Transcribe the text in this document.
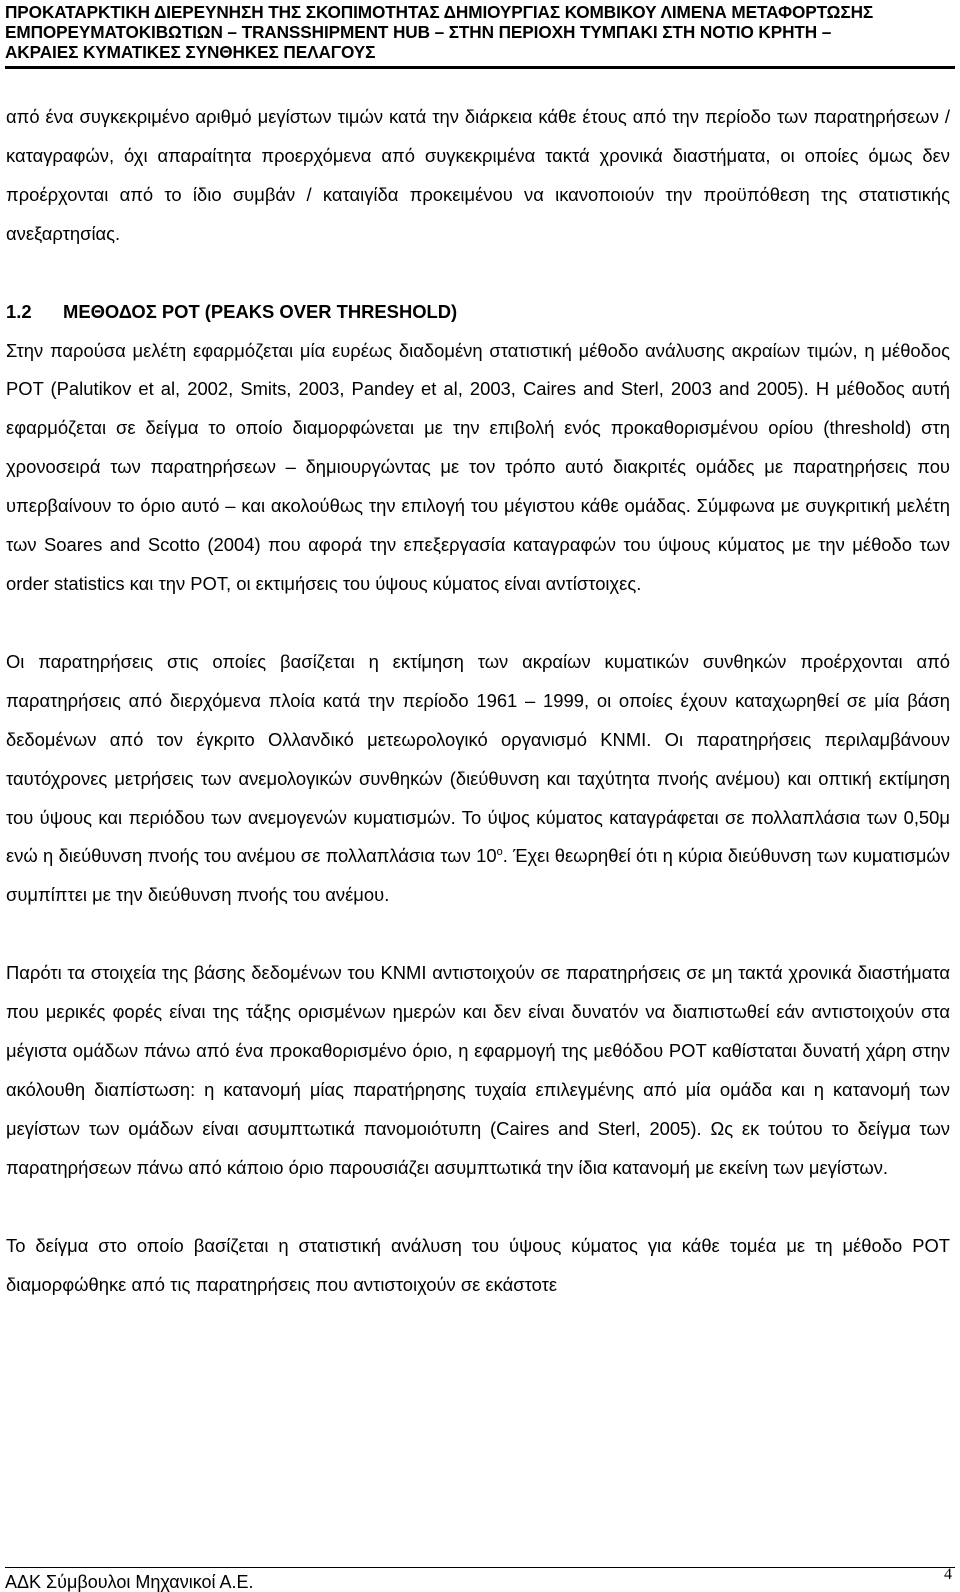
ΠΡΟΚΑΤΑΡΚΤΙΚΗ ΔΙΕΡΕΥΝΗΣΗ ΤΗΣ ΣΚΟΠΙΜΟΤΗΤΑΣ ΔΗΜΙΟΥΡΓΙΑΣ ΚΟΜΒΙΚΟΥ ΛΙΜΕΝΑ ΜΕΤΑΦΟΡΤΩΣΗΣ
ΕΜΠΟΡΕΥΜΑΤΟΚΙΒΩΤΙΩΝ – TRANSSHIPMENT HUB – ΣΤΗΝ ΠΕΡΙΟΧΗ ΤΥΜΠΑΚΙ ΣΤΗ ΝΟΤΙΟ ΚΡΗΤΗ –
ΑΚΡΑΙΕΣ ΚΥΜΑΤΙΚΕΣ ΣΥΝΘΗΚΕΣ ΠΕΛΑΓΟΥΣ

από ένα συγκεκριμένο αριθμό μεγίστων τιμών κατά την διάρκεια κάθε έτους από την περίοδο των παρατηρήσεων / καταγραφών, όχι απαραίτητα προερχόμενα από συγκεκριμένα τακτά χρονικά διαστήματα, οι οποίες όμως δεν προέρχονται από το ίδιο συμβάν / καταιγίδα προκειμένου να ικανοποιούν την προϋπόθεση της στατιστικής ανεξαρτησίας.

1.2 ΜΕΘΟΔΟΣ POT (PEAKS OVER THRESHOLD)

Στην παρούσα μελέτη εφαρμόζεται μία ευρέως διαδομένη στατιστική μέθοδο ανάλυσης ακραίων τιμών, η μέθοδος POT (Palutikov et al, 2002, Smits, 2003, Pandey et al, 2003, Caires and Sterl, 2003 and 2005). Η μέθοδος αυτή εφαρμόζεται σε δείγμα το οποίο διαμορφώνεται με την επιβολή ενός προκαθορισμένου ορίου (threshold) στη χρονοσειρά των παρατηρήσεων – δημιουργώντας με τον τρόπο αυτό διακριτές ομάδες με παρατηρήσεις που υπερβαίνουν το όριο αυτό – και ακολούθως την επιλογή του μέγιστου κάθε ομάδας. Σύμφωνα με συγκριτική μελέτη των Soares and Scotto (2004) που αφορά την επεξεργασία καταγραφών του ύψους κύματος με την μέθοδο των order statistics και την POT, οι εκτιμήσεις του ύψους κύματος είναι αντίστοιχες.

Οι παρατηρήσεις στις οποίες βασίζεται η εκτίμηση των ακραίων κυματικών συνθηκών προέρχονται από παρατηρήσεις από διερχόμενα πλοία κατά την περίοδο 1961 – 1999, οι οποίες έχουν καταχωρηθεί σε μία βάση δεδομένων από τον έγκριτο Ολλανδικό μετεωρολογικό οργανισμό KNMI. Οι παρατηρήσεις περιλαμβάνουν ταυτόχρονες μετρήσεις των ανεμολογικών συνθηκών (διεύθυνση και ταχύτητα πνοής ανέμου) και οπτική εκτίμηση του ύψους και περιόδου των ανεμογενών κυματισμών. Το ύψος κύματος καταγράφεται σε πολλαπλάσια των 0,50μ ενώ η διεύθυνση πνοής του ανέμου σε πολλαπλάσια των $10^o$. Έχει θεωρηθεί ότι η κύρια διεύθυνση των κυματισμών συμπίπτει με την διεύθυνση πνοής του ανέμου.

Παρότι τα στοιχεία της βάσης δεδομένων του KNMI αντιστοιχούν σε παρατηρήσεις σε μη τακτά χρονικά διαστήματα που μερικές φορές είναι της τάξης ορισμένων ημερών και δεν είναι δυνατόν να διαπιστωθεί εάν αντιστοιχούν στα μέγιστα ομάδων πάνω από ένα προκαθορισμένο όριο, η εφαρμογή της μεθόδου POT καθίσταται δυνατή χάρη στην ακόλουθη διαπίστωση: η κατανομή μίας παρατήρησης τυχαία επιλεγμένης από μία ομάδα και η κατανομή των μεγίστων των ομάδων είναι ασυμπτωτικά πανομοιότυπη (Caires and Sterl, 2005). Ως εκ τούτου το δείγμα των παρατηρήσεων πάνω από κάποιο όριο παρουσιάζει ασυμπτωτικά την ίδια κατανομή με εκείνη των μεγίστων.

Το δείγμα στο οποίο βασίζεται η στατιστική ανάλυση του ύψους κύματος για κάθε τομέα με τη μέθοδο POT διαμορφώθηκε από τις παρατηρήσεις που αντιστοιχούν σε εκάστοτε

ΑΔΚ Σύμβουλοι Μηχανικοί Α.Ε.	4
